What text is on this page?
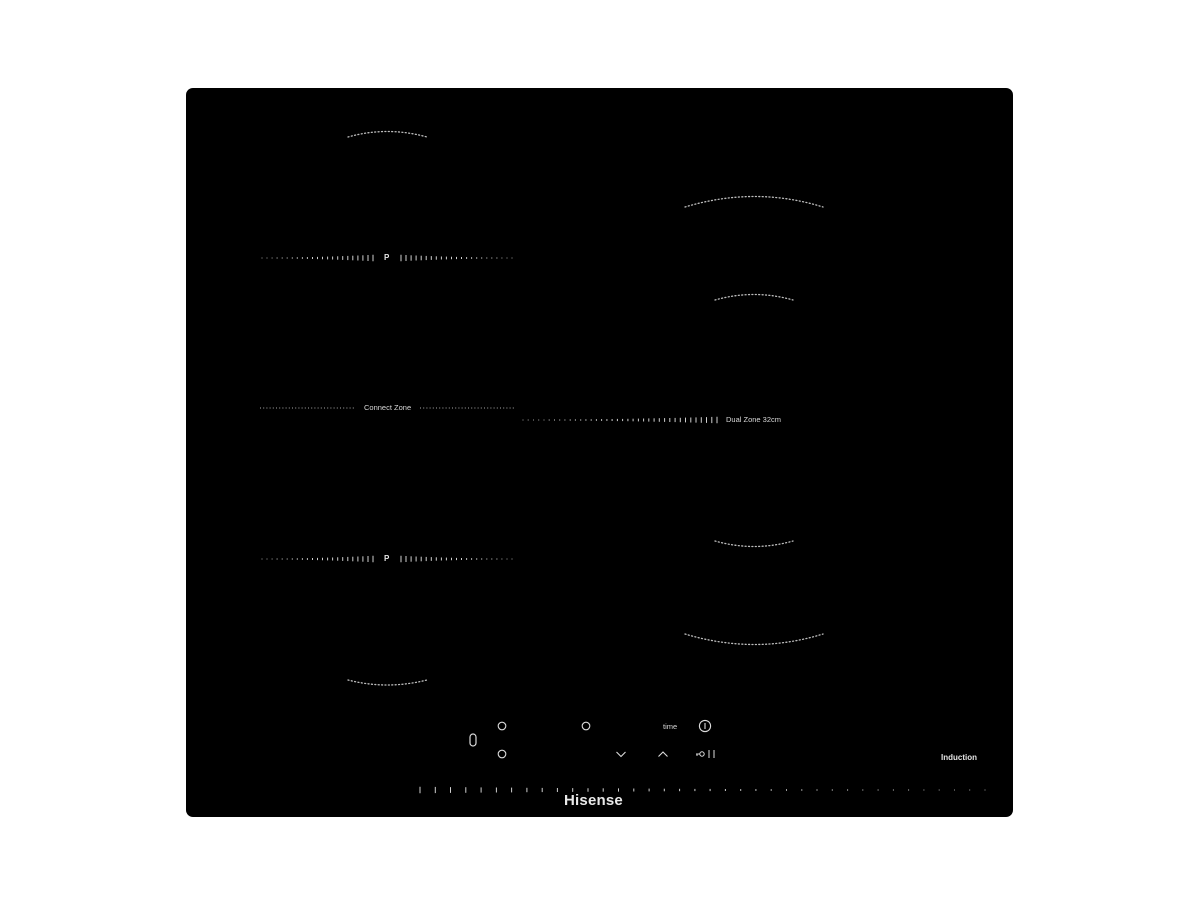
P
Connect Zone
P
Dual Zone 32cm
time
Hisense
Induction
